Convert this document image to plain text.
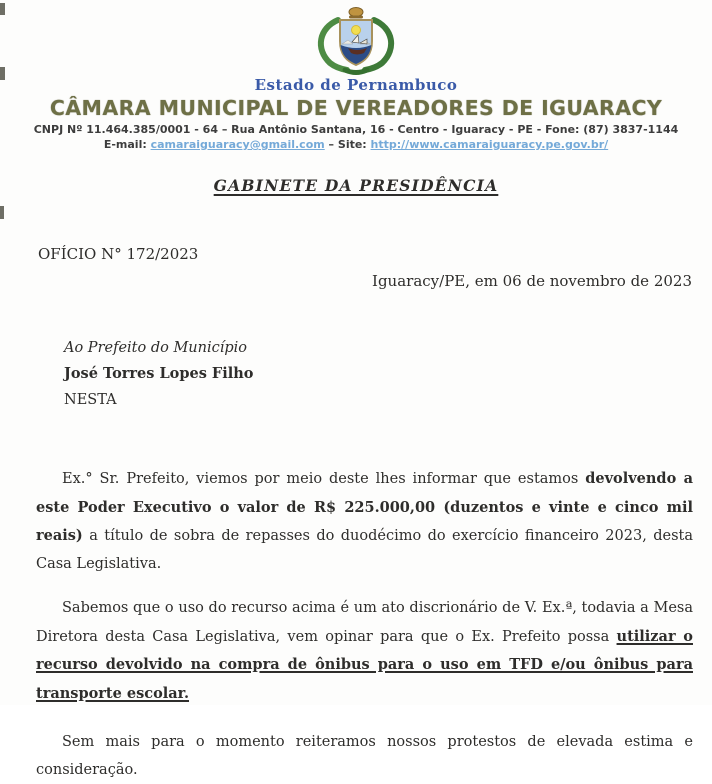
Estado de Pernambuco
CÂMARA MUNICIPAL DE VEREADORES DE IGUARACY
CNPJ Nº 11.464.385/0001 - 64 – Rua Antônio Santana, 16 - Centro - Iguaracy - PE - Fone: (87) 3837-1144
E-mail: camaraiguaracy@gmail.com – Site: http://www.camaraiguaracy.pe.gov.br/
GABINETE DA PRESIDÊNCIA
OFÍCIO N° 172/2023
Iguaracy/PE, em 06 de novembro de 2023
Ao Prefeito do Município
José Torres Lopes Filho
NESTA

Ex.° Sr. Prefeito, viemos por meio deste lhes informar que estamos devolvendo a este Poder Executivo o valor de R$ 225.000,00 (duzentos e vinte e cinco mil reais) a título de sobra de repasses do duodécimo do exercício financeiro 2023, desta Casa Legislativa.

Sabemos que o uso do recurso acima é um ato discrionário de V. Ex.ª, todavia a Mesa Diretora desta Casa Legislativa, vem opinar para que o Ex. Prefeito possa utilizar o recurso devolvido na compra de ônibus para o uso em TFD e/ou ônibus para transporte escolar.

Sem mais para o momento reiteramos nossos protestos de elevada estima e consideração.
